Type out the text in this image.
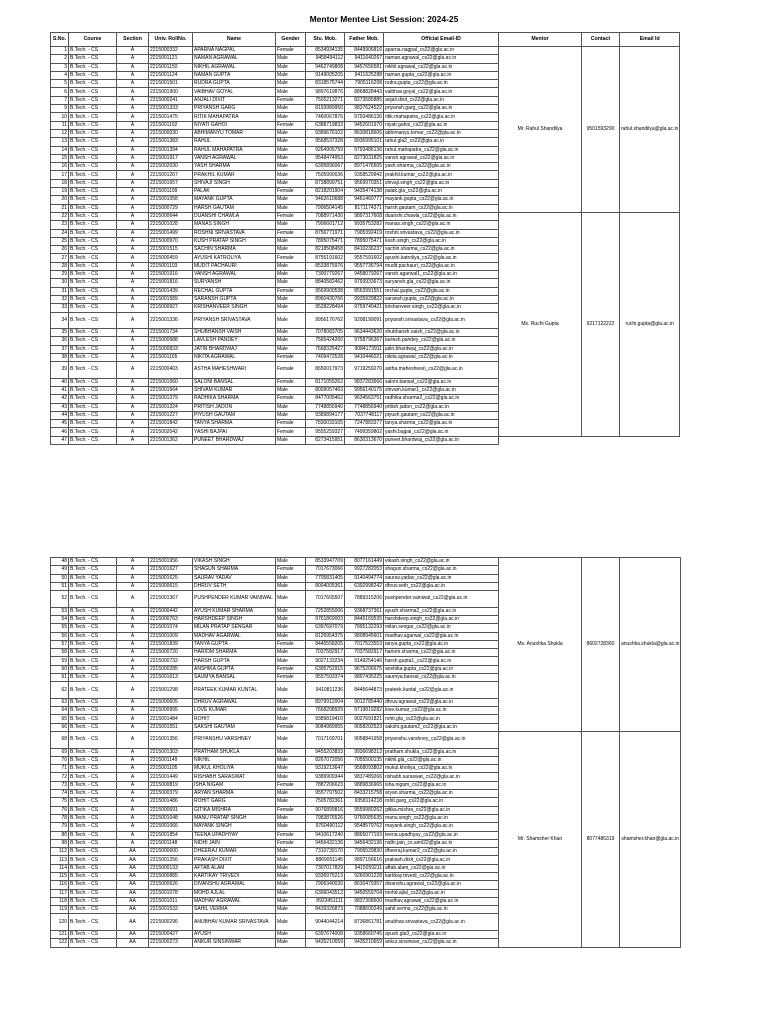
Mentor Mentee List Session: 2024-25
S.No.	Course	Section	Univ. RollNo.	Name	Gender	Stu. Mob.	Father Mob.	Official Email-ID	Mentor	Contact	Email Id
1	B.Tech. - CS	A	2215000332	APARNA NAGPAL	Female	8534934135	8449906816	aparna.nagpal_cs22@gla.ac.in	Mr. Rahul Shandilya	9501593290	rahul.shandilya@gla.ac.in
2	B.Tech. - CS	A	2215001121	NAMAN AGRAWAL	Male	9458494112	9411640267	naman.agrawal_cs22@gla.ac.in			
3	B.Tech. - CS	A	2215001150	NIKHIL AGRAWAL	Male	9462749808	9457656581	nikhil.agrawal_cs22@gla.ac.in			
4	B.Tech. - CS	A	2215001124	NAMAN GUPTA	Male	9149005205	9411625288	naman.gupta_cs22@gla.ac.in			
5	B.Tech. - CS	A	2215001501	RUDRA GUPTA	Male	8318575744	7905116208	rudra.gupta_cs22@gla.ac.in			
6	B.Tech. - CS	A	2215001900	VAIBHAV GOYAL	Male	9897619876	8868828443	vaibhav.goyal_cs22@gla.ac.in			
7	B.Tech. - CS	A	2215000241	ANJALI DIXIT	Female	7505213271	8273585885	anjali.dixit_cs22@gla.ac.in			
9	B.Tech. - CS	A	2215001333	PRIYANSH GARG	Male	8193989950	9837624522	priyansh.garg_cs22@gla.ac.in			
10	B.Tech. - CS	A	2215001475	RITIK MAHAPATRA	Male	7460067876	9793486136	ritik.mahapatra_cs22@gla.ac.in			
11	B.Tech. - CS	A	2215001192	NIYATI GAHOI	Female	6388719832	9452601970	niyati.gahoi_cs22@gla.ac.in			
12	B.Tech. - CS	A	2215000030	ABHIMANYU TOMAR	Male	9389676102	8630818606	abhimanyu.tomar_cs22@gla.ac.in			
13	B.Tech. - CS	A	2215001383	RAHUL	Male	9568537328	8936995101	rahul.gla2_cs22@gla.ac.in			
14	B.Tech. - CS	A	2215001394	RAHUL MAHAPATRA	Male	9264905759	9793486136	rahul.mahapatra_cs22@gla.ac.in			
15	B.Tech. - CS	A	2215001917	VANSH AGRAWAL	Male	9548474953	8273031825	vansh.agrawal_cs22@gla.ac.in			
16	B.Tech. - CS	A	2215002030	YASH SHARMA	Male	6395896067	8971476505	yash.sharma_cs22@gla.ac.in			
17	B.Tech. - CS	A	2215001267	PRAKHIL KUMAR	Male	7505990036	9358529942	prakhil.kumar_cs22@gla.ac.in			
18	B.Tech. - CS	A	2215001657	SHIVAJI SINGH	Male	8738899751	9569970351	shivaji.singh_cs22@gla.ac.in			
19	B.Tech. - CS	A	2215001199	PALAK	Female	8218201904	9435474138	palak.gla_cs22@gla.ac.in			
20	B.Tech. - CS	A	2215001058	MAYANK GUPTA	Male	9462610688	9461460777	mayank.gupta_cs22@gla.ac.in			
21	B.Tech. - CS	A	2215000729	HARSH GAUTAM	Male	7906504145	8171174371	harsh.gautam_cs22@gla.ac.in			
22	B.Tech. - CS	A	2215000644	DUANSHI CHAWLA	Female	7088971430	9897317608	duanshi.chawla_cs22@gla.ac.in	Ms. Ruchi Gupta	9217122222	ruchi.gupta@gla.ac.in
23	B.Tech. - CS	A	2215001028	MANAS SINGH	Male	7906601712	9935753282	manas.singh_cs22@gla.ac.in			
24	B.Tech. - CS	A	2215001499	ROSHNI SRIVASTAVA	Female	8756771971	7905392419	roshni.srivastava_cs22@gla.ac.in			
25	B.Tech. - CS	A	2215000970	KUSH PRATAP SINGH	Male	7895075471	7895075471	kush.singh_cs22@gla.ac.in			
26	B.Tech. - CS	A	2215001515	SACHIN SHARMA	Male	8218508458	8410236237	sachin.sharma_cs22@gla.ac.in			
27	B.Tech. - CS	A	2215000459	AYUSHI KATROLIYA	Female	8755191602	9557591602	ayushi.katroliya_cs22@gla.ac.in			
28	B.Tech. - CS	A	2215001103	MUDIT PACHAURI	Male	8533875976	9557736794	mudit.pachauri_cs22@gla.ac.in			
29	B.Tech. - CS	A	2215001916	VANSH AGRAWAL	Male	7300779267	9458079267	vansh.agarwal1_cs22@gla.ac.in			
30	B.Tech. - CS	A	2215001816	SURYANSH	Male	8840582462	9793933673	suryansh.gla_cs22@gla.ac.in			
31	B.Tech. - CS	A	2215001439	RECHAL GUPTA	Female	9569900538	8563991551	rechal.gupta_cs22@gla.ac.in			
32	B.Tech. - CS	A	2215001589	SARANSH GUPTA	Male	8960430766	9935929822	saransh.gupta_cs22@gla.ac.in			
33	B.Tech. - CS	A	2215000927	KRISHANVEER SINGH	Male	9528228494	9759740421	krishanveer.singh_cs22@gla.ac.in			
34	B.Tech. - CS	A	2215001336	PRIYANSH SRIVASTAVA	Male	9956176762	9208199091	priyansh.srivastava_cs22@gla.ac.in			
35	B.Tech. - CS	A	2215001734	SHUBHANSH VAISH	Male	7078083705	9634443620	shubhansh.vaish_cs22@gla.ac.in			
36	B.Tech. - CS	A	2215000988	LAVLESH PANDEY	Male	7565424260	9758796367	lavlesh.pandey_cs22@gla.ac.in			
37	B.Tech. - CS	A	2215000833	JATIN BHARDWAJ	Male	7668325427	9084173911	jatin.bhardwaj_cs22@gla.ac.in			
38	B.Tech. - CS	A	2215001165	NIKITA AGRAWAL	Female	7409472528	9410446021	nikita.agrawal_cs22@gla.ac.in			
39	B.Tech. - CS	A	2215000403	ASTHA MAHESHWARI	Female	8650017973	9719259270	astha.maheshwari_cs22@gla.ac.in			
40	B.Tech. - CS	A	2215001560	SALONI BANSAL	Female	8171055262	9837283666	saloni.bansal_cs22@gla.ac.in			
41	B.Tech. - CS	A	2215001664	SHIVAM KUMAR	Male	8009057463	9956140175	shivam.kumar1_cs22@gla.ac.in			
42	B.Tech. - CS	A	2215001379	RADHIKA SHARMA	Female	8477005462	9634563751	radhika.sharma2_cs22@gla.ac.in			
43	B.Tech. - CS	A	2215001324	PRITISH JADON	Male	7748856940	7748856940	pritish.jadon_cs22@gla.ac.in			
44	B.Tech. - CS	A	2215001227	PIYUSH GAUTAM	Male	9389894177	7037748117	piyush.gautam_cs22@gla.ac.in			
45	B.Tech. - CS	A	2215001842	TANYA SHARMA	Female	7830033105	7247883377	tanya.sharma_cs22@gla.ac.in			
46	B.Tech. - CS	A	2215002042	YASHI BAJPAI	Female	9555259327	7499359802	yashi.bajpai_cs22@gla.ac.in			
47	B.Tech. - CS	A	2215001362	PUNEET BHARDWAJ	Male	8273415951	8630313670	puneet.bhardwaj_cs22@gla.ac.in			
48	B.Tech. - CS	A	2215001956	VIKASH SINGH	Male	8533947709	8077161449	vikash.singh_cs22@gla.ac.in	Ms. Anushka Shukla	8602728360	anushka.shukla@gla.ac.in
49	B.Tech. - CS	A	2215001627	SHAGUN SHARMA	Female	7017673066	9927282053	shagun.sharma_cs22@gla.ac.in			
50	B.Tech. - CS	A	2215001625	SAURAV YADAV	Male	7705831405	9140494774	saurav.yadav_cs22@gla.ac.in			
51	B.Tech. - CS	A	2215000615	DHRUV SETH	Male	8004005361	6392998242	dhruv.seth_cs22@gla.ac.in			
52	B.Tech. - CS	A	2215001367	PUSHPENDER KUMAR VAINIWAL	Male	7017605507	7889315206	pushpender.vainiwal_cs22@gla.ac.in			
53	B.Tech. - CS	A	2215000442	AYUSH KUMAR SHARMA	Male	7252855006	9368737361	ayush.sharma2_cs22@gla.ac.in			
54	B.Tech. - CS	A	2215000763	HARSHDEEP SINGH	Male	9761869003	8445169535	harshdeep.singh_cs22@gla.ac.in			
55	B.Tech. - CS	A	2215001074	MILAN PRATAP SENGAR	Male	6397697079	7895132293	milan.sengar_cs22@gla.ac.in			
56	B.Tech. - CS	A	2215001009	MADHAV AGARWAL	Male	8126954375	9808945601	madhav.agarwal_cs22@gla.ac.in			
57	B.Tech. - CS	A	2215001839	TANYA GUPTA	Female	8445558205	7017523553	tanya.gupta_cs22@gla.ac.in			
58	B.Tech. - CS	A	2215000720	HARIOM SHARMA	Male	7037582917	7037582917	hariom.sharma_cs22@gla.ac.in			
59	B.Tech. - CS	A	2215000732	HARSH GUPTA	Male	9027133234	9149254146	harsh.gupta1_cs22@gla.ac.in			
60	B.Tech. - CS	A	2215000285	ANSHIKA GUPTA	Female	6395752915	9675206675	anshika.gupta_cs22@gla.ac.in			
61	B.Tech. - CS	A	2215001613	SAUMYA BANSAL	Female	9557593374	9897435225	saumya.bansal_cs22@gla.ac.in			
62	B.Tech. - CS	A	2215001298	PRATEEK KUMAR KUNTAL	Male	9410811236	8445644873	prateek.kuntal_cs22@gla.ac.in			
63	B.Tech. - CS	A	2215000605	DHRUV AGRAWAL	Male	8979912004	9012785440	dhruv.agrawal_cs22@gla.ac.in			
64	B.Tech. - CS	A	2215000995	LOVE KUMAR	Male	7668208929	9719819282	love.kumar_cs22@gla.ac.in			
65	B.Tech. - CS	A	2215001484	ROHIT	Male	9389819410	9027691821	rohit.gla_cs22@gla.ac.in			
66	B.Tech. - CS	A	2215001551	SAKSHI GAUTAM	Female	9084989955	9058202523	sakshi.gautam2_cs22@gla.ac.in			
68	B.Tech. - CS	A	2215001356	PRIYANSHU VARSHNEY	Male	7017169701	9058841658	priyanshu.varshney_cs22@gla.ac.in	Mr. Shamsher Khan	8077486319	shamsher.khan@gla.ac.in
69	B.Tech. - CS	A	2215001303	PRATHAM SHUKLA	Male	9455203833	9936698313	pratham.shukla_cs22@gla.ac.in			
70	B.Tech. - CS	A	2215001149	NIKHIL	Male	8267072056	7055500135	nikhil.gla_cs22@gla.ac.in			
71	B.Tech. - CS	A	2215001105	MUKUL KHOLIYA	Male	9319213647	9568093802	mukul.kholiya_cs22@gla.ac.in			
72	B.Tech. - CS	A	2215001449	RISHABH SARASWAT	Male	9389909344	9837489266	rishabh.saraswat_cs22@gla.ac.in			
73	B.Tech. - CS	A	2215000819	ISHA NIGAM	Female	7887206623	9889836965	isha.nigam_cs22@gla.ac.in			
74	B.Tech. - CS	A	2215000379	ARYAN SHARMA	Male	9557797502	8433215758	aryan.sharma_cs22@gla.ac.in			
75	B.Tech. - CS	A	2215001486	ROHIT GARG	Male	7505782361	9358114218	rohit.garg_cs22@gla.ac.in			
76	B.Tech. - CS	A	2215000691	GITIKA MISHRA	Female	9076899816	9559980262	gitika.mishra_cs22@gla.ac.in			
78	B.Tech. - CS	A	2215001048	MANU PRATAP SINGH	Male	7983876526	9760085635	manu.singh_cs22@gla.ac.in			
79	B.Tech. - CS	A	2215001066	MAYANK SINGH	Male	9760490112	9548579762	mayank.singh_cs22@gla.ac.in			
80	B.Tech. - CS	A	2215001854	TEENA UPADHYAY	Female	9410617240	8865077193	teena.upadhyay_cs22@gla.ac.in			
98	B.Tech. - CS	A	2215001148	NIDHI JAIN	Female	9456432136	9456432136	nidhi.jain_cs.aiml22@gla.ac.in			
112	B.Tech. - CS	AA	2215000600	DHEERAJ KUMAR	Male	7310739170	7906529830	dheeraj.kumar2_cs22@gla.ac.in			
113	B.Tech. - CS	AA	2215001256	PRAKASH DIXIT	Male	8869051145	9897156616	prakash.dixit_cs22@gla.ac.in			
114	B.Tech. - CS	AA	2215000133	AFTAB ALAM	Male	7307017829	9415059211	aftab.alam_cs22@gla.ac.in			
115	B.Tech. - CS	AA	2215000885	KARTIKAY TRIVEDI	Male	9336975213	9260901228	kartikay.trivedi_cs22@gla.ac.in			
116	B.Tech. - CS	AA	2215000626	DIVANSHU AGRAWAL	Male	7906340030	8630479357	divanshu.agrawal_cs22@gla.ac.in			
117	B.Tech. - CS	AA	2215001078	MOHD AJLAL	Male	6306043512	9450559704	mohd.ajlal_cs22@gla.ac.in			
118	B.Tech. - CS	AA	2215001011	MADHAV AGRAWAL	Male	8923451111	9837308600	madhav.agrawal_cs22@gla.ac.in			
119	B.Tech. - CS	AA	2215001532	SAHIL VERMA	Male	8439326873	7088600249	sahil.verma_cs22@gla.ac.in			
120	B.Tech. - CS	AA	2215000296	ANUBHAV KUMAR SRIVASTAVA	Male	9044044214	8736861781	anubhav.srivastava_cs22@gla.ac.in			
121	B.Tech. - CS	AA	2215000427	AYUSH	Male	6397674008	9358660745	ayush.gla3_cs22@gla.ac.in			
122	B.Tech. - CS	AA	2215000273	ANKUR SINSINWAR	Male	9435210659	9435210659	ankur.sinsinwar_cs22@gla.ac.in			
